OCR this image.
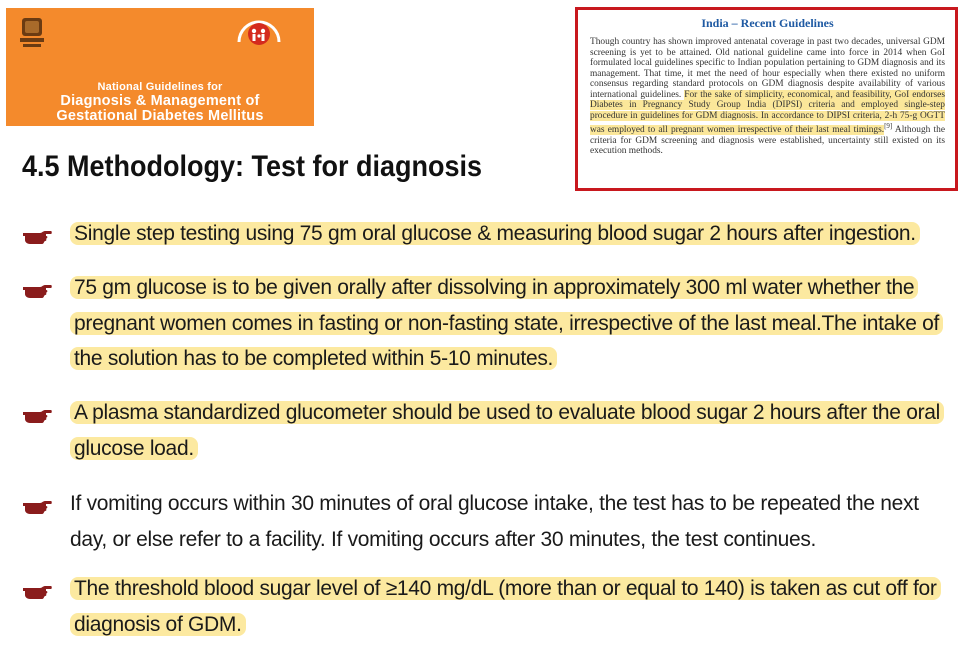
National Guidelines for
Diagnosis & Management of
Gestational Diabetes Mellitus
4.5 Methodology: Test for diagnosis
India – Recent Guidelines
Though country has shown improved antenatal coverage in past two decades, universal GDM screening is yet to be attained. Old national guideline came into force in 2014 when GoI formulated local guidelines specific to Indian population pertaining to GDM diagnosis and its management. That time, it met the need of hour especially when there existed no uniform consensus regarding standard protocols on GDM diagnosis despite availability of various international guidelines. For the sake of simplicity, economical, and feasibility, GoI endorses Diabetes in Pregnancy Study Group India (DIPSI) criteria and employed single-step procedure in guidelines for GDM diagnosis. In accordance to DIPSI criteria, 2-h 75-g OGTT was employed to all pregnant women irrespective of their last meal timings.[9] Although the criteria for GDM screening and diagnosis were established, uncertainty still existed on its execution methods.
Single step testing using 75 gm oral glucose & measuring blood sugar 2 hours after ingestion.
75 gm glucose is to be given orally after dissolving in approximately 300 ml water whether the
pregnant women comes in fasting or non-fasting state, irrespective of the last meal.The intake of
the solution has to be completed within 5-10 minutes.
A plasma standardized glucometer should be used to evaluate blood sugar 2 hours after the oral
glucose load.
If vomiting occurs within 30 minutes of oral glucose intake, the test has to be repeated the next
day, or else refer to a facility. If vomiting occurs after 30 minutes, the test continues.
The threshold blood sugar level of ≥140 mg/dL (more than or equal to 140) is taken as cut off for
diagnosis of GDM.
